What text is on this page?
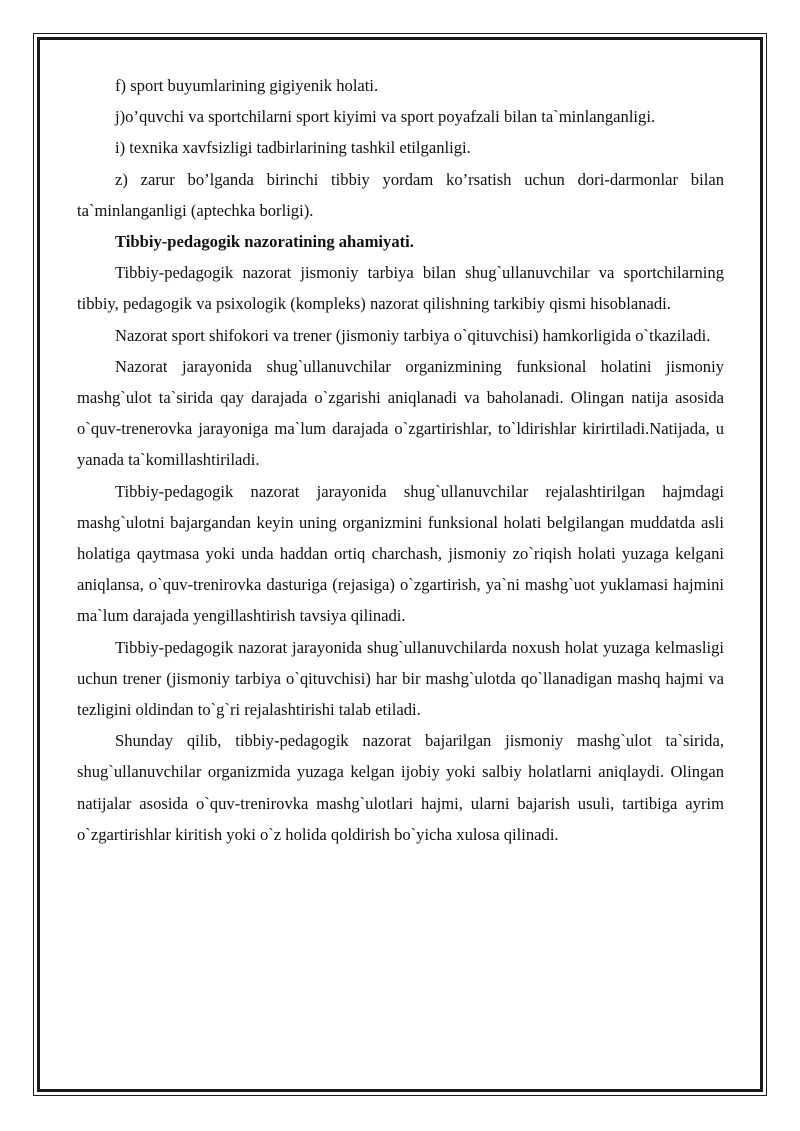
f) sport buyumlarining gigiyenik holati.

j)o’quvchi va sportchilarni sport kiyimi va sport poyafzali bilan ta`minlanganligi.

i) texnika xavfsizligi tadbirlarining tashkil etilganligi.

z) zarur bo’lganda birinchi tibbiy yordam ko’rsatish uchun dori-darmonlar bilan ta`minlanganligi (aptechka borligi).

Tibbiy-pedagogik nazoratining ahamiyati.

Tibbiy-pedagogik nazorat jismoniy tarbiya bilan shug`ullanuvchilar va sportchilarning tibbiy, pedagogik va psixologik (kompleks) nazorat qilishning tarkibiy qismi hisoblanadi.

Nazorat sport shifokori va trener (jismoniy tarbiya o`qituvchisi) hamkorligida o`tkaziladi.

Nazorat jarayonida shug`ullanuvchilar organizmining funksional holatini jismoniy mashg`ulot ta`sirida qay darajada o`zgarishi aniqlanadi va baholanadi. Olingan natija asosida o`quv-trenerovka jarayoniga ma`lum darajada o`zgartirishlar, to`ldirishlar kirirtiladi.Natijada, u yanada ta`komillashtiriladi.

Tibbiy-pedagogik nazorat jarayonida shug`ullanuvchilar rejalashtirilgan hajmdagi mashg`ulotni bajargandan keyin uning organizmini funksional holati belgilangan muddatda asli holatiga qaytmasa yoki unda haddan ortiq charchash, jismoniy zo`riqish holati yuzaga kelgani aniqlansa, o`quv-trenirovka dasturiga (rejasiga) o`zgartirish, ya`ni mashg`uot yuklamasi hajmini ma`lum darajada yengillashtirish tavsiya qilinadi.

Tibbiy-pedagogik nazorat jarayonida shug`ullanuvchilarda noxush holat yuzaga kelmasligi uchun trener (jismoniy tarbiya o`qituvchisi) har bir mashg`ulotda qo`llanadigan mashq hajmi va tezligini oldindan to`g`ri rejalashtirishi talab etiladi.

Shunday qilib, tibbiy-pedagogik nazorat bajarilgan jismoniy mashg`ulot ta`sirida, shug`ullanuvchilar organizmida yuzaga kelgan ijobiy yoki salbiy holatlarni aniqlaydi. Olingan natijalar asosida o`quv-trenirovka mashg`ulotlari hajmi, ularni bajarish usuli, tartibiga ayrim o`zgartirishlar kiritish yoki o`z holida qoldirish bo`yicha xulosa qilinadi.
